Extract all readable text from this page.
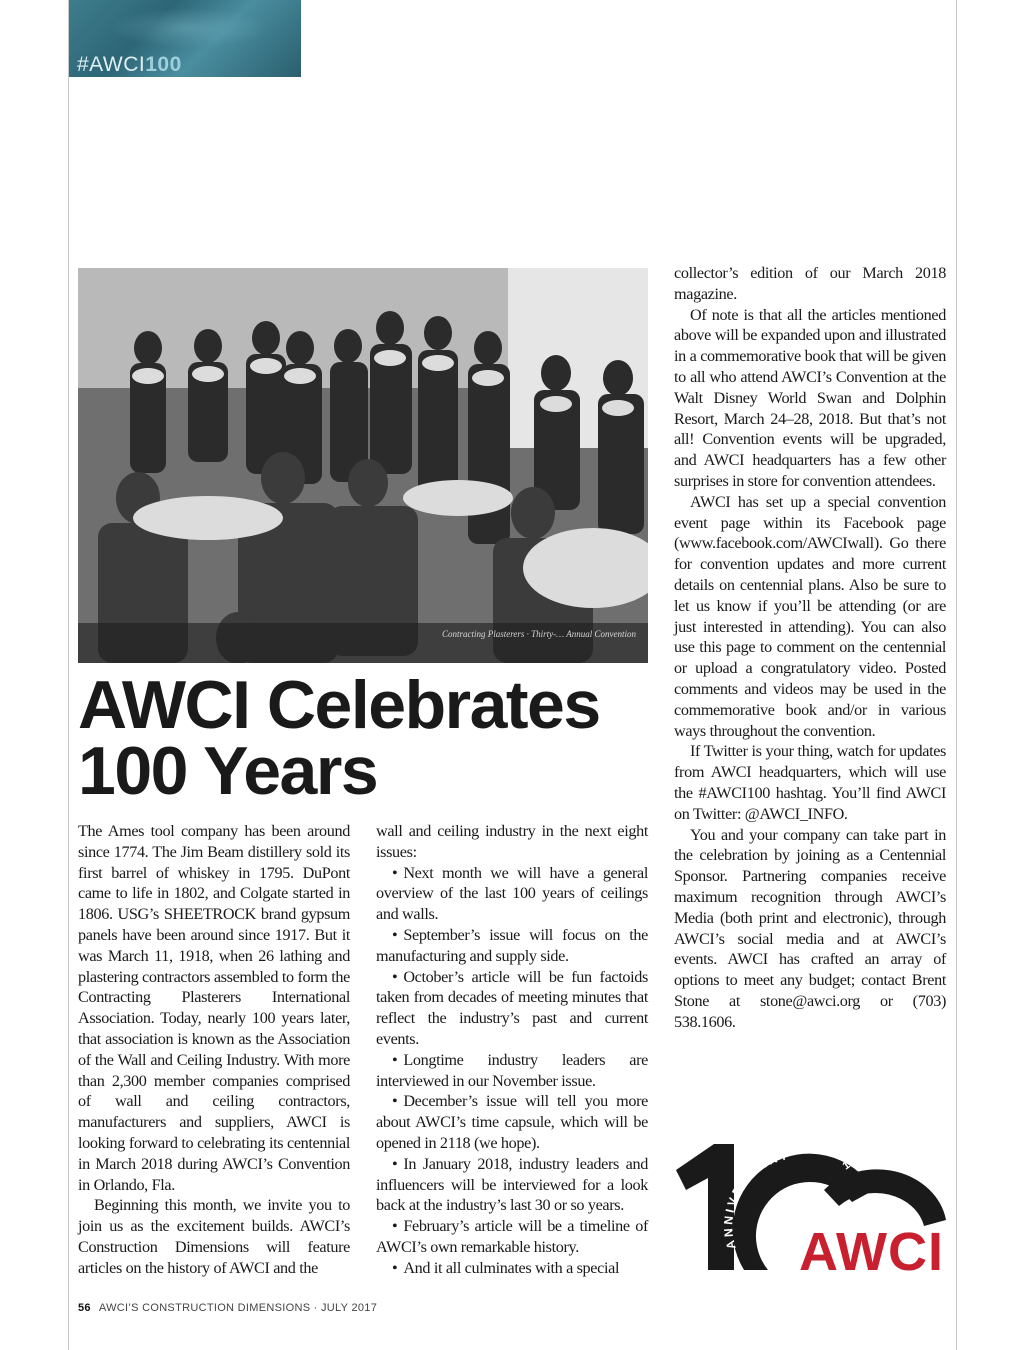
#AWCI100
Contracting Plasterers · Thirty-… Annual Convention
AWCI Celebrates
100 Years

The Ames tool company has been around since 1774. The Jim Beam distillery sold its first barrel of whiskey in 1795. DuPont came to life in 1802, and Colgate started in 1806. USG’s SHEETROCK brand gypsum panels have been around since 1917. But it was March 11, 1918, when 26 lathing and plastering contractors assembled to form the Contracting Plasterers International Association. Today, nearly 100 years later, that association is known as the Association of the Wall and Ceiling Industry. With more than 2,300 member companies comprised of wall and ceiling contractors, manufacturers and suppliers, AWCI is looking forward to celebrating its centennial in March 2018 during AWCI’s Convention in Orlando, Fla.

Beginning this month, we invite you to join us as the excitement builds. AWCI’s Construction Dimensions will feature articles on the history of AWCI and the

wall and ceiling industry in the next eight issues:

• Next month we will have a general overview of the last 100 years of ceilings and walls.

• September’s issue will focus on the manufacturing and supply side.

• October’s article will be fun factoids taken from decades of meeting minutes that reflect the industry’s past and current events.

• Longtime industry leaders are interviewed in our November issue.

• December’s issue will tell you more about AWCI’s time capsule, which will be opened in 2118 (we hope).

• In January 2018, industry leaders and influencers will be interviewed for a look back at the industry’s last 30 or so years.

• February’s article will be a timeline of AWCI’s own remarkable history.

• And it all culminates with a special

collector’s edition of our March 2018 magazine.

Of note is that all the articles mentioned above will be expanded upon and illustrated in a commemorative book that will be given to all who attend AWCI’s Convention at the Walt Disney World Swan and Dolphin Resort, March 24–28, 2018. But that’s not all! Convention events will be upgraded, and AWCI headquarters has a few other surprises in store for convention attendees.

AWCI has set up a special convention event page within its Facebook page (www.facebook.com/AWCIwall). Go there for convention updates and more current details on centennial plans. Also be sure to let us know if you’ll be attending (or are just interested in attending). You can also use this page to comment on the centennial or upload a congratulatory video. Posted comments and videos may be used in the commemorative book and/or in various ways throughout the convention.

If Twitter is your thing, watch for updates from AWCI headquarters, which will use the #AWCI100 hashtag. You’ll find AWCI on Twitter: @AWCI_INFO.

You and your company can take part in the celebration by joining as a Centennial Sponsor. Partnering companies receive maximum recognition through AWCI’s Media (both print and electronic), through AWCI’s social media and at AWCI’s events. AWCI has crafted an array of options to meet any budget; contact Brent Stone at stone@awci.org or (703) 538.1606.

ANNIVERSARY
1918-2018
AWCI
56 AWCI’S CONSTRUCTION DIMENSIONS · JULY 2017
